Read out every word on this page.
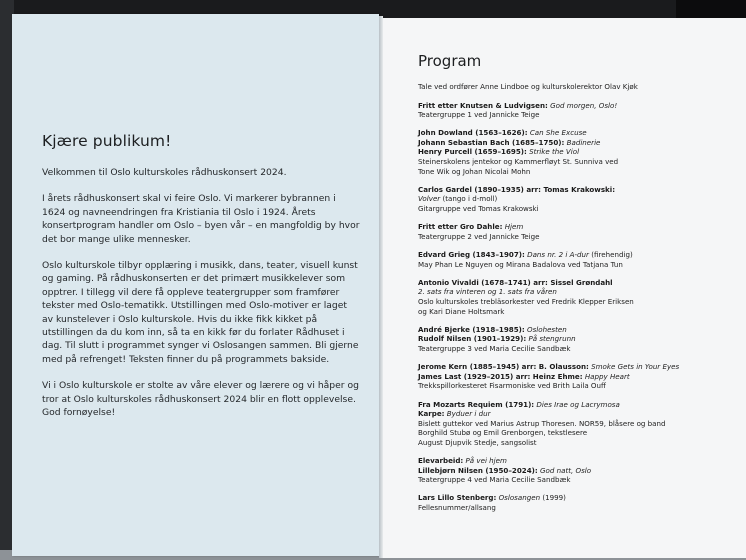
Kjære publikum!

Velkommen til Oslo kulturskoles rådhuskonsert 2024.

I årets rådhuskonsert skal vi feire Oslo. Vi markerer bybrannen i 1624 og navneendringen fra Kristiania til Oslo i 1924. Årets konsertprogram handler om Oslo – byen vår – en mangfoldig by hvor det bor mange ulike mennesker.

Oslo kulturskole tilbyr opplæring i musikk, dans, teater, visuell kunst og gaming. På rådhuskonserten er det primært musikkelever som opptrer. I tillegg vil dere få oppleve teatergrupper som framfører tekster med Oslo-tematikk. Utstillingen med Oslo-motiver er laget av kunstelever i Oslo kulturskole. Hvis du ikke fikk kikket på utstillingen da du kom inn, så ta en kikk før du forlater Rådhuset i dag. Til slutt i programmet synger vi Oslosangen sammen. Bli gjerne med på refrenget! Teksten finner du på programmets bakside.

Vi i Oslo kulturskole er stolte av våre elever og lærere og vi håper og tror at Oslo kulturskoles rådhuskonsert 2024 blir en flott opplevelse. God fornøyelse!

Program
Tale ved ordfører Anne Lindboe og kulturskolerektor Olav Kjøk
Fritt etter Knutsen & Ludvigsen: God morgen, Oslo!
Teatergruppe 1 ved Jannicke Teige
John Dowland (1563–1626): Can She Excuse
Johann Sebastian Bach (1685–1750): Badinerie
Henry Purcell (1659–1695): Strike the Viol
Steinerskolens jentekor og Kammerfløyt St. Sunniva ved
Tone Wik og Johan Nicolai Mohn
Carlos Gardel (1890–1935) arr: Tomas Krakowski:
Volver (tango i d-moll)
Gitargruppe ved Tomas Krakowski
Fritt etter Gro Dahle: Hjem
Teatergruppe 2 ved Jannicke Teige
Edvard Grieg (1843–1907): Dans nr. 2 i A-dur (firehendig)
May Phan Le Nguyen og Mirana Badalova ved Tatjana Tun
Antonio Vivaldi (1678–1741) arr: Sissel Grøndahl
2. sats fra vinteren og 1. sats fra våren
Oslo kulturskoles trebläsorkester ved Fredrik Klepper Eriksen
og Kari Diane Holtsmark
André Bjerke (1918–1985): Oslohesten
Rudolf Nilsen (1901–1929): På stengrunn
Teatergruppe 3 ved Maria Cecilie Sandbæk
Jerome Kern (1885–1945) arr: B. Olausson: Smoke Gets in Your Eyes
James Last (1929–2015) arr: Heinz Ehme: Happy Heart
Trekkspillorkesteret Fisarmoniske ved Brith Laila Ouff
Fra Mozarts Requiem (1791): Dies Irae og Lacrymosa
Karpe: Byduer i dur
Bislett guttekor ved Marius Astrup Thoresen. NOR59, blåsere og band
Borghild Stubø og Emil Grenborgen, tekstlesere
August Djupvik Stedje, sangsolist
Elevarbeid: På vei hjem
Lillebjørn Nilsen (1950–2024): God natt, Oslo
Teatergruppe 4 ved Maria Cecilie Sandbæk
Lars Lillo Stenberg: Oslosangen (1999)
Fellesnummer/allsang
